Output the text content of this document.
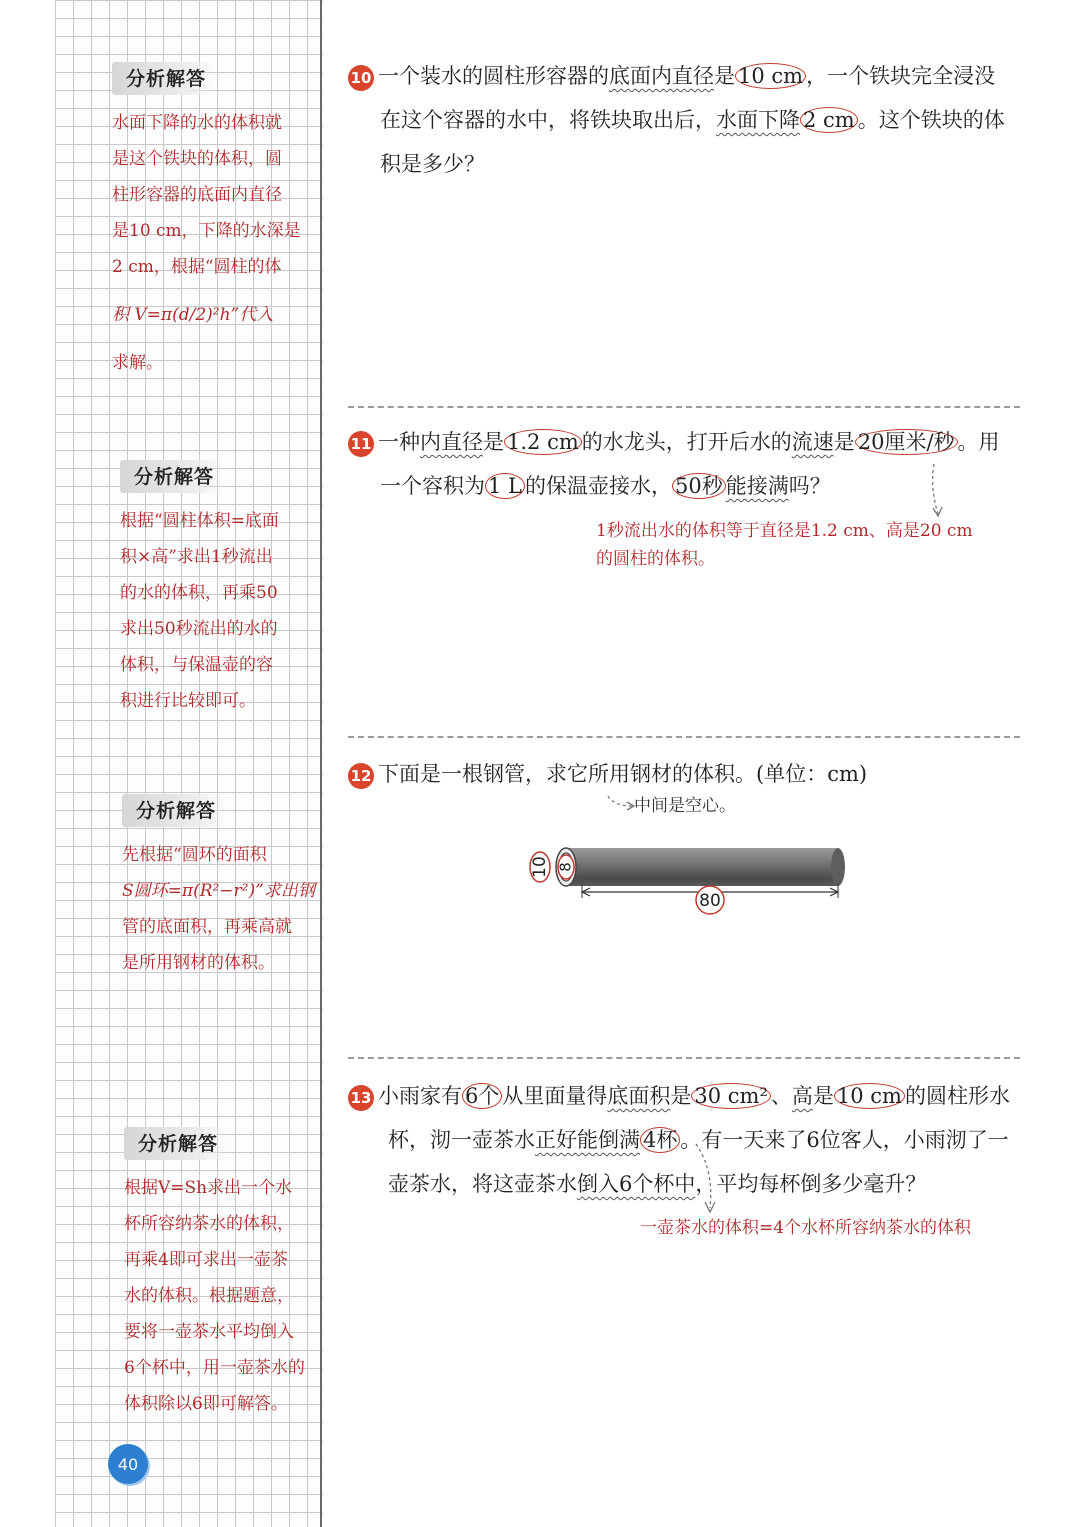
分析解答
水面下降的水的体积就
是这个铁块的体积，圆
柱形容器的底面内直径
是10 cm，下降的水深是
2 cm，根据“圆柱的体
积 V=π(d/2)²h”代入
求解。
分析解答
根据“圆柱体积=底面
积×高”求出1秒流出
的水的体积，再乘50
求出50秒流出的水的
体积，与保温壶的容
积进行比较即可。
分析解答
先根据“圆环的面积
S圆环=π(R²−r²)”求出钢
管的底面积，再乘高就
是所用钢材的体积。
分析解答
根据V=Sh求出一个水
杯所容纳茶水的体积，
再乘4即可求出一壶茶
水的体积。根据题意，
要将一壶茶水平均倒入
6个杯中，用一壶茶水的
体积除以6即可解答。
10 一个装水的圆柱形容器的底面内直径是 10 cm ，一个铁块完全浸没
在这个容器的水中，将铁块取出后，水面下降 2 cm 。这个铁块的体
积是多少？
11 一种内直径是 1.2 cm 的水龙头，打开后水的流速是 20厘米/秒 。用
一个容积为 1 L 的保温壶接水， 50秒 能接满吗？
1秒流出水的体积等于直径是1.2 cm、高是20 cm
的圆柱的体积。
12 下面是一根钢管，求它所用钢材的体积。(单位：cm)
中间是空心。
10 8
80
13 小雨家有 6个 从里面量得底面积是 30 cm² 、高是 10 cm 的圆柱形水
杯，沏一壶茶水正好能倒满 4杯 。有一天来了6位客人，小雨沏了一
壶茶水，将这壶茶水倒入6个杯中，平均每杯倒多少毫升？
一壶茶水的体积=4个水杯所容纳茶水的体积
40
